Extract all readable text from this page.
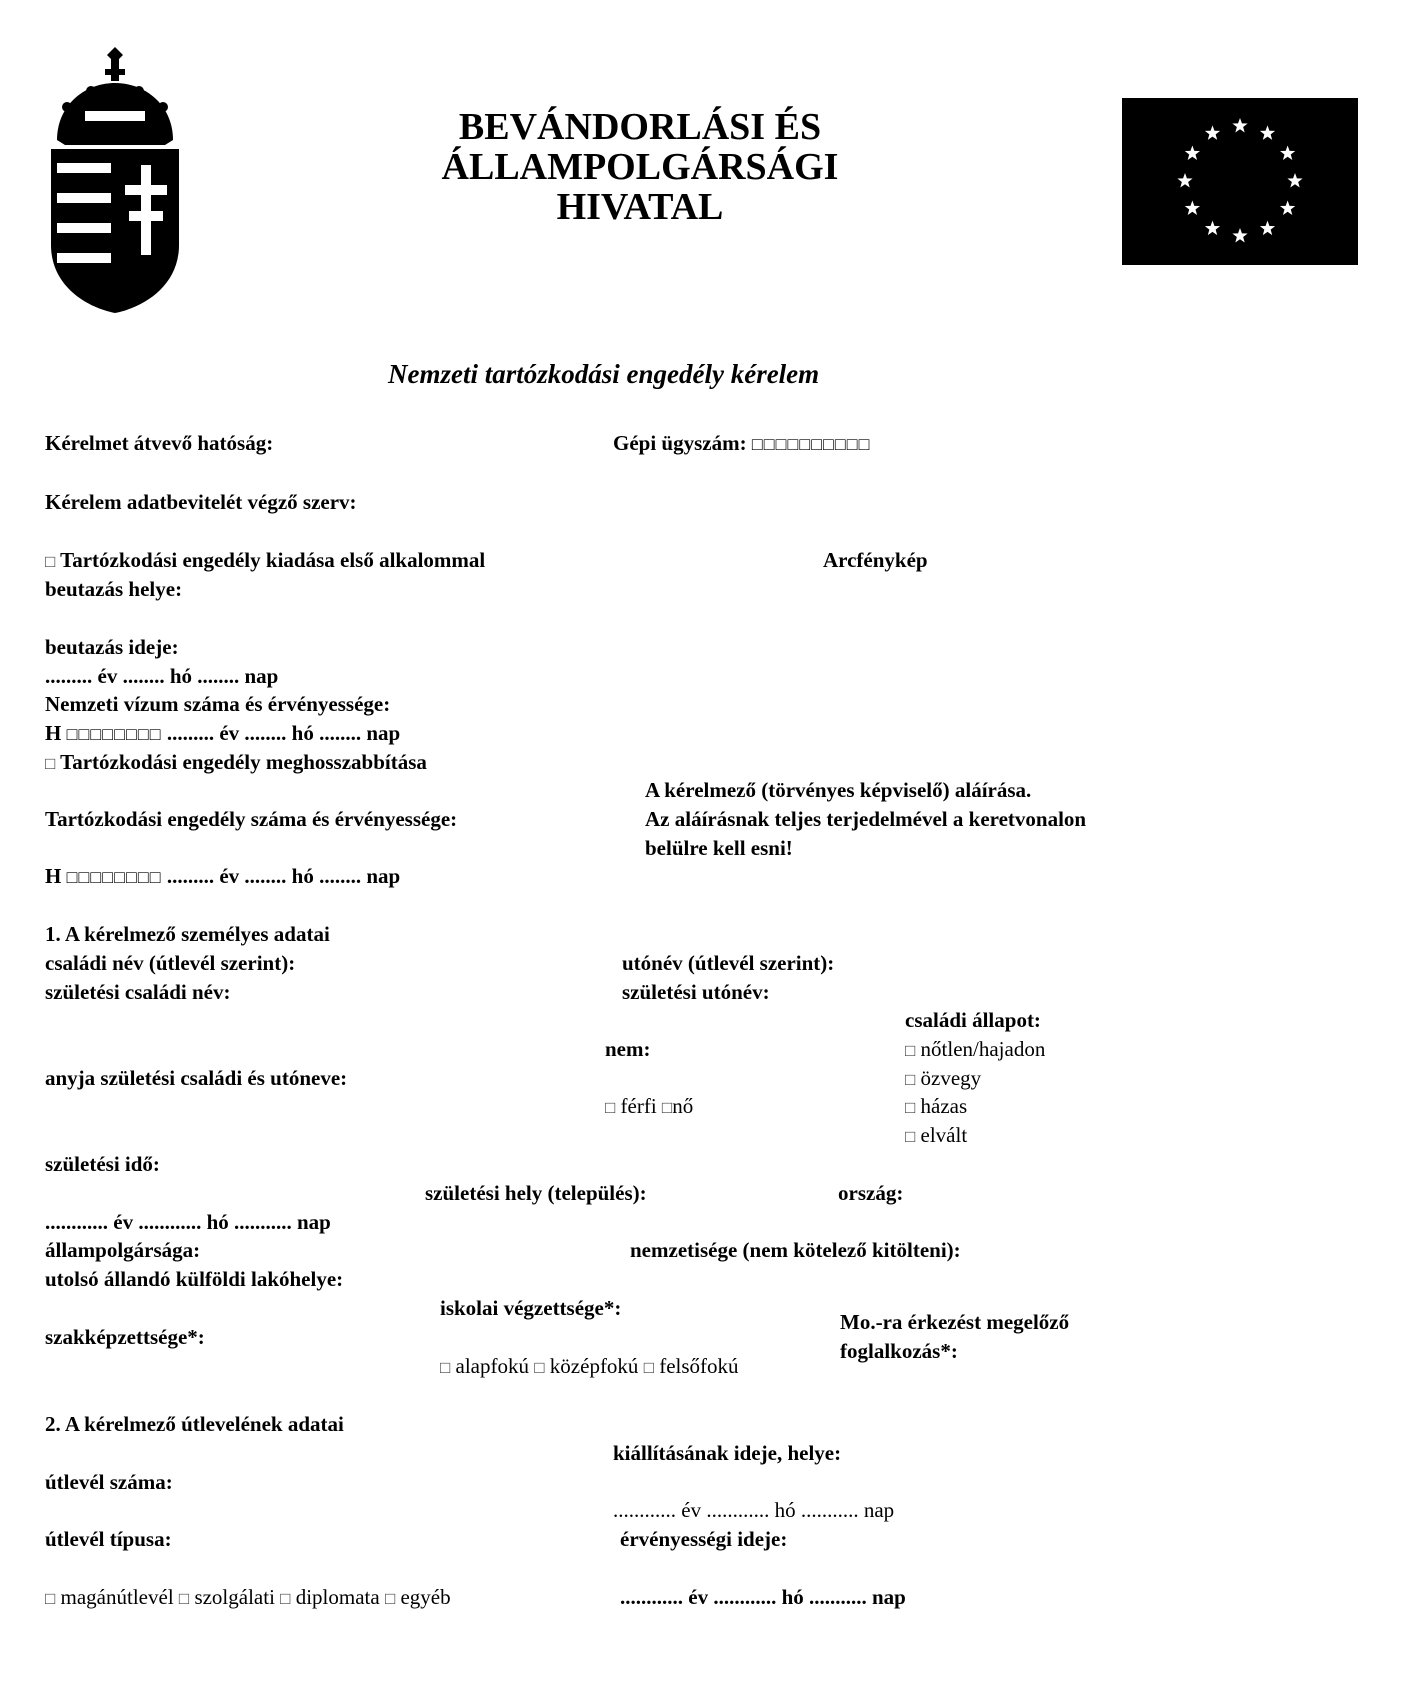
BEVÁNDORLÁSI ÉS
ÁLLAMPOLGÁRSÁGI
HIVATAL
Nemzeti tartózkodási engedély kérelem
Kérelmet átvevő hatóság:	Gépi ügyszám: □□□□□□□□□□
Kérelem adatbevitelét végző szerv:
□ Tartózkodási engedély kiadása első alkalommal	Arcfénykép
beutazás helye:
beutazás ideje:
......... év ........ hó ........ nap
Nemzeti vízum száma és érvényessége:
H □□□□□□□□ ......... év ........ hó ........ nap
□ Tartózkodási engedély meghosszabbítása
A kérelmező (törvényes képviselő) aláírása.
Az aláírásnak teljes terjedelmével a keretvonalon
belülre kell esni!
Tartózkodási engedély száma és érvényessége:
H □□□□□□□□ ......... év ........ hó ........ nap
1. A kérelmező személyes adatai
családi név (útlevél szerint):	utónév (útlevél szerint):
születési családi név:	születési utónév:
családi állapot:
nem:	□ nőtlen/hajadon
anyja születési családi és utóneve:	□ özvegy
□ férfi □nő	□ házas
□ elvált
születési idő:
születési hely (település):	ország:
............ év ............ hó ........... nap
állampolgársága:	nemzetisége (nem kötelező kitölteni):
utolsó állandó külföldi lakóhelye:
iskolai végzettsége*:
Mo.-ra érkezést megelőző
szakképzettsége*:
foglalkozás*:
□ alapfokú □ középfokú □ felsőfokú
2. A kérelmező útlevelének adatai
kiállításának ideje, helye:
útlevél száma:
............ év ............ hó ........... nap
útlevél típusa:	érvényességi ideje:
□ magánútlevél □ szolgálati □ diplomata □ egyéb	............ év ............ hó ........... nap
